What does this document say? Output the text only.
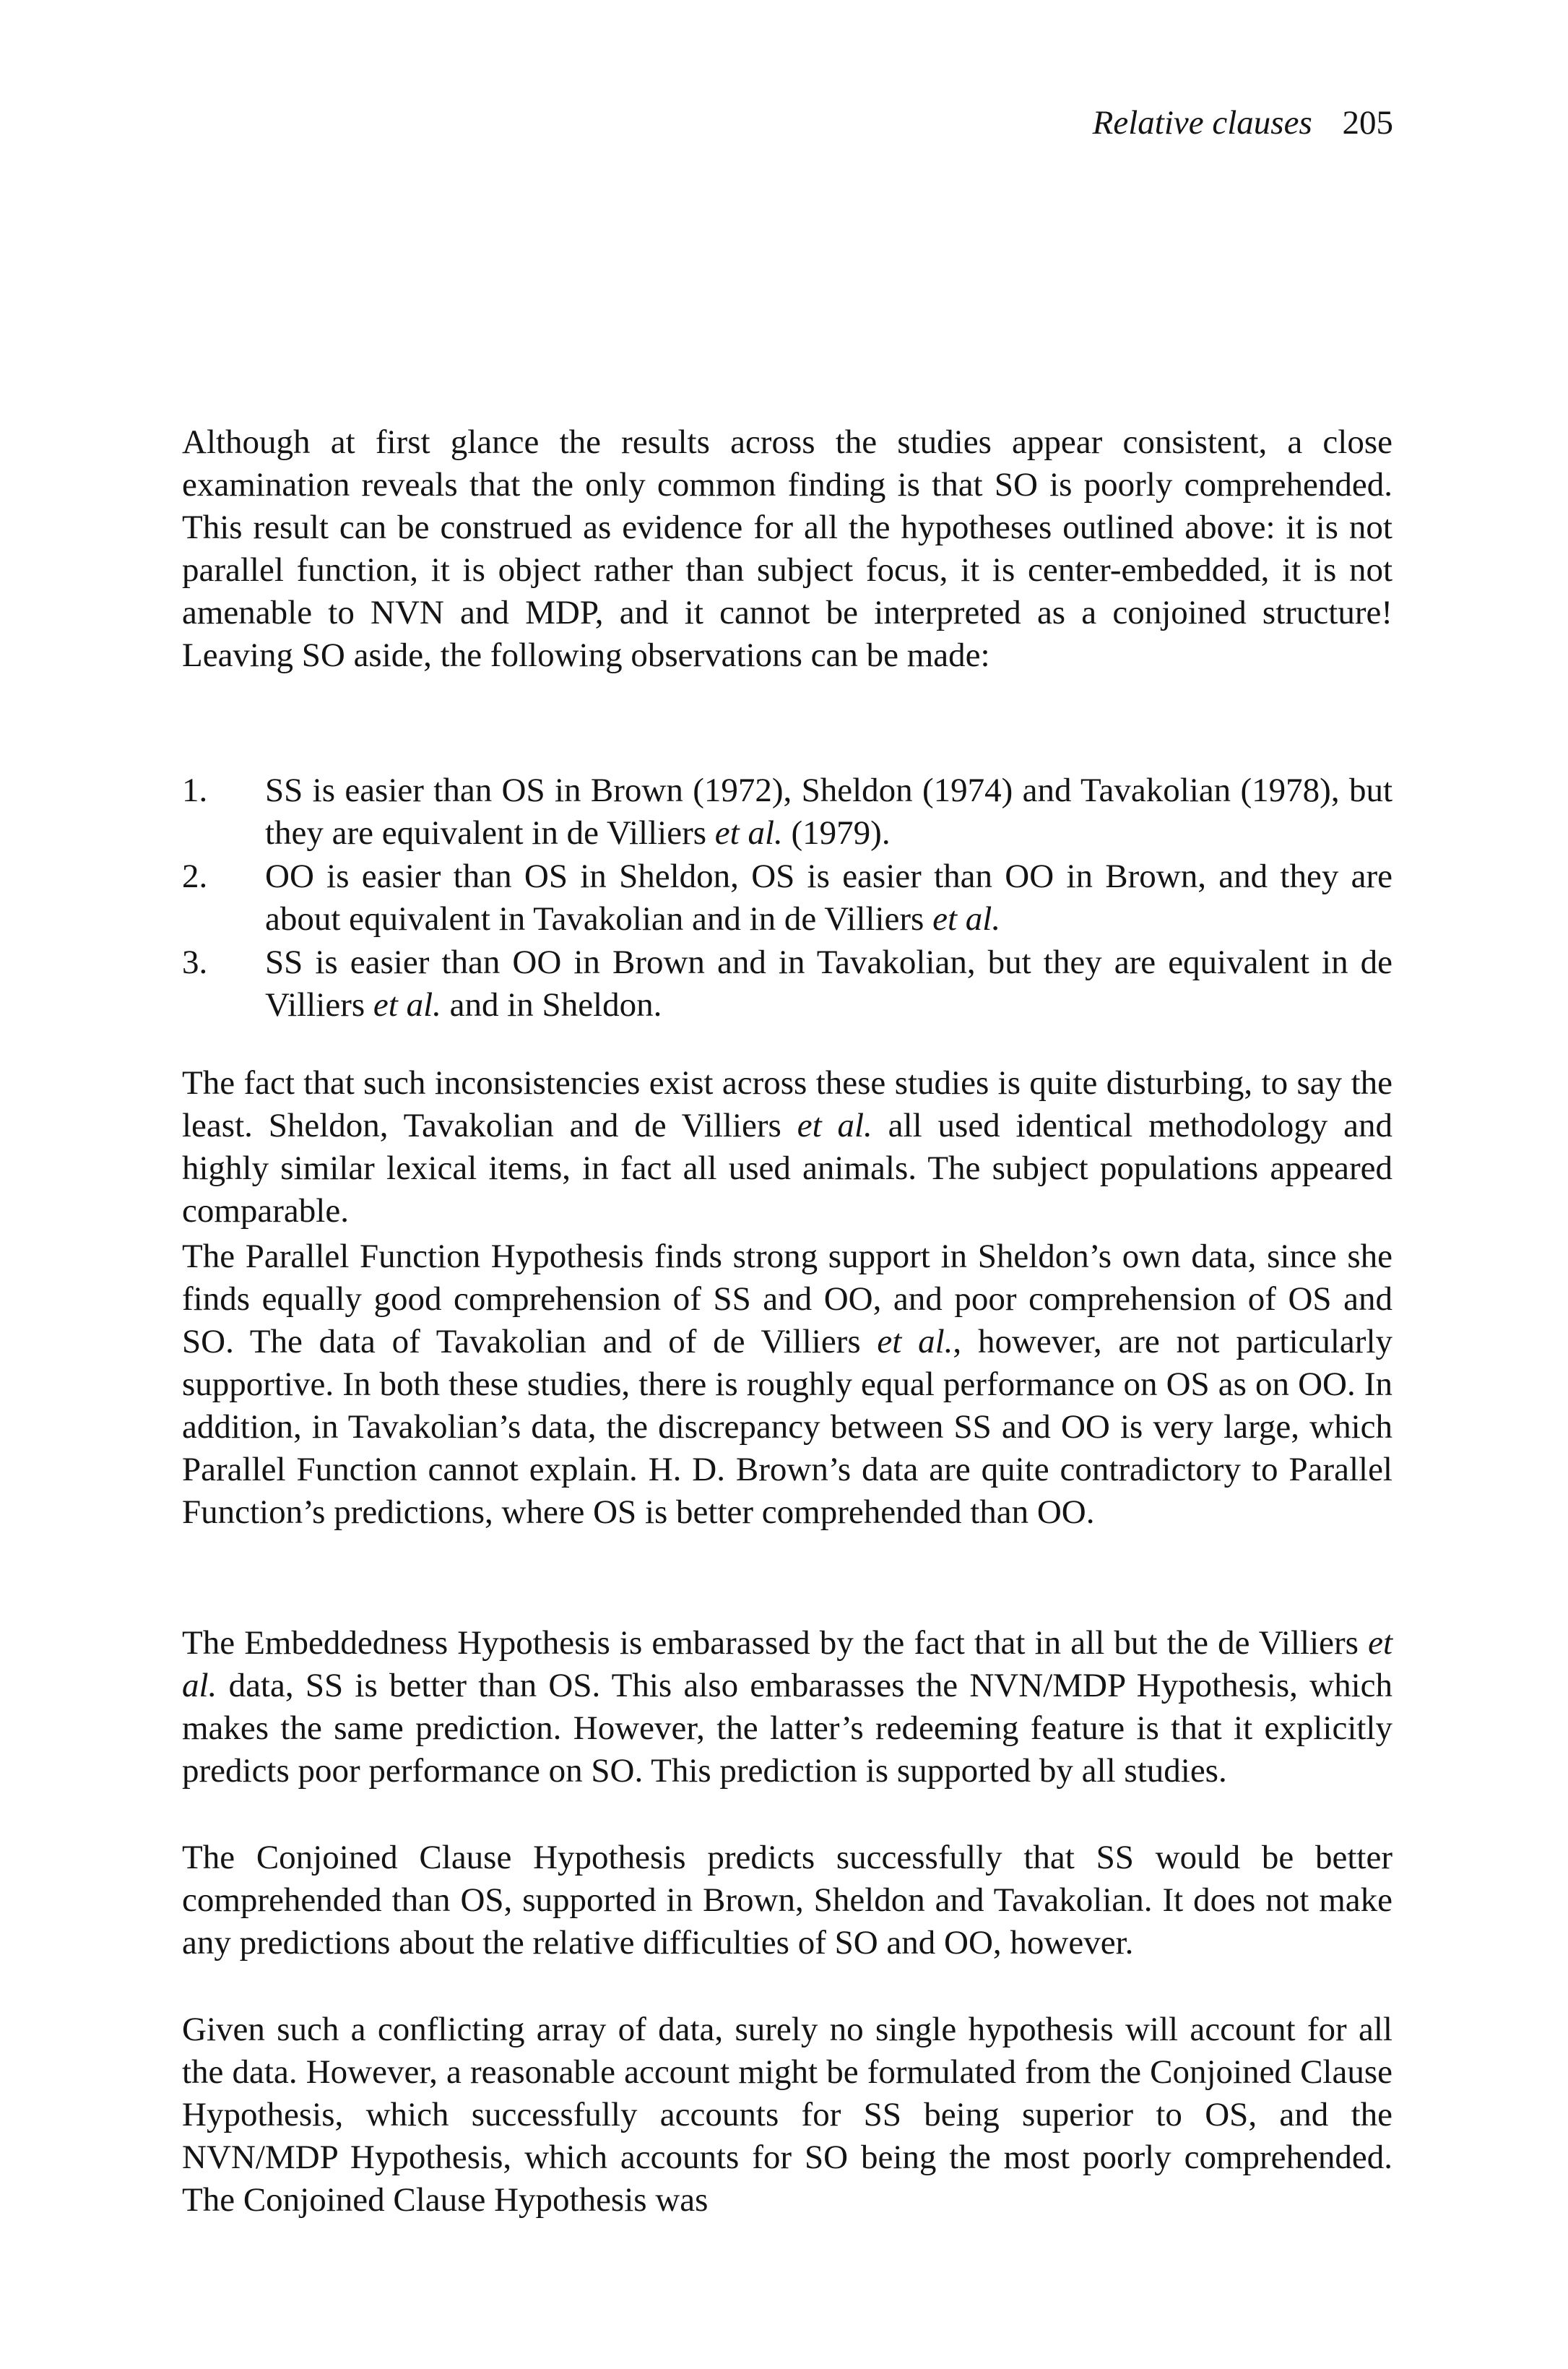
Relative clauses 205

Although at first glance the results across the studies appear consistent, a close examination reveals that the only common finding is that SO is poorly comprehended. This result can be construed as evidence for all the hypotheses outlined above: it is not parallel function, it is object rather than subject focus, it is center-embedded, it is not amenable to NVN and MDP, and it cannot be interpreted as a conjoined structure! Leaving SO aside, the following observations can be made:

1.	SS is easier than OS in Brown (1972), Sheldon (1974) and Tavakolian (1978), but they are equivalent in de Villiers et al. (1979).
2.	OO is easier than OS in Sheldon, OS is easier than OO in Brown, and they are about equivalent in Tavakolian and in de Villiers et al.
3.	SS is easier than OO in Brown and in Tavakolian, but they are equivalent in de Villiers et al. and in Sheldon.

The fact that such inconsistencies exist across these studies is quite disturbing, to say the least. Sheldon, Tavakolian and de Villiers et al. all used identical methodology and highly similar lexical items, in fact all used animals. The subject populations appeared comparable.

The Parallel Function Hypothesis finds strong support in Sheldon’s own data, since she finds equally good comprehension of SS and OO, and poor comprehension of OS and SO. The data of Tavakolian and of de Villiers et al., however, are not particularly supportive. In both these studies, there is roughly equal performance on OS as on OO. In addition, in Tavakolian’s data, the discrepancy between SS and OO is very large, which Parallel Function cannot explain. H. D. Brown’s data are quite contradictory to Parallel Function’s predictions, where OS is better comprehended than OO.

The Embeddedness Hypothesis is embarassed by the fact that in all but the de Villiers et al. data, SS is better than OS. This also embarasses the NVN/MDP Hypothesis, which makes the same prediction. However, the latter’s redeeming feature is that it explicitly predicts poor performance on SO. This prediction is supported by all studies.

The Conjoined Clause Hypothesis predicts successfully that SS would be better comprehended than OS, supported in Brown, Sheldon and Tavakolian. It does not make any predictions about the relative difficulties of SO and OO, however.

Given such a conflicting array of data, surely no single hypothesis will account for all the data. However, a reasonable account might be formulated from the Conjoined Clause Hypothesis, which successfully accounts for SS being superior to OS, and the NVN/MDP Hypothesis, which accounts for SO being the most poorly comprehended. The Conjoined Clause Hypothesis was
